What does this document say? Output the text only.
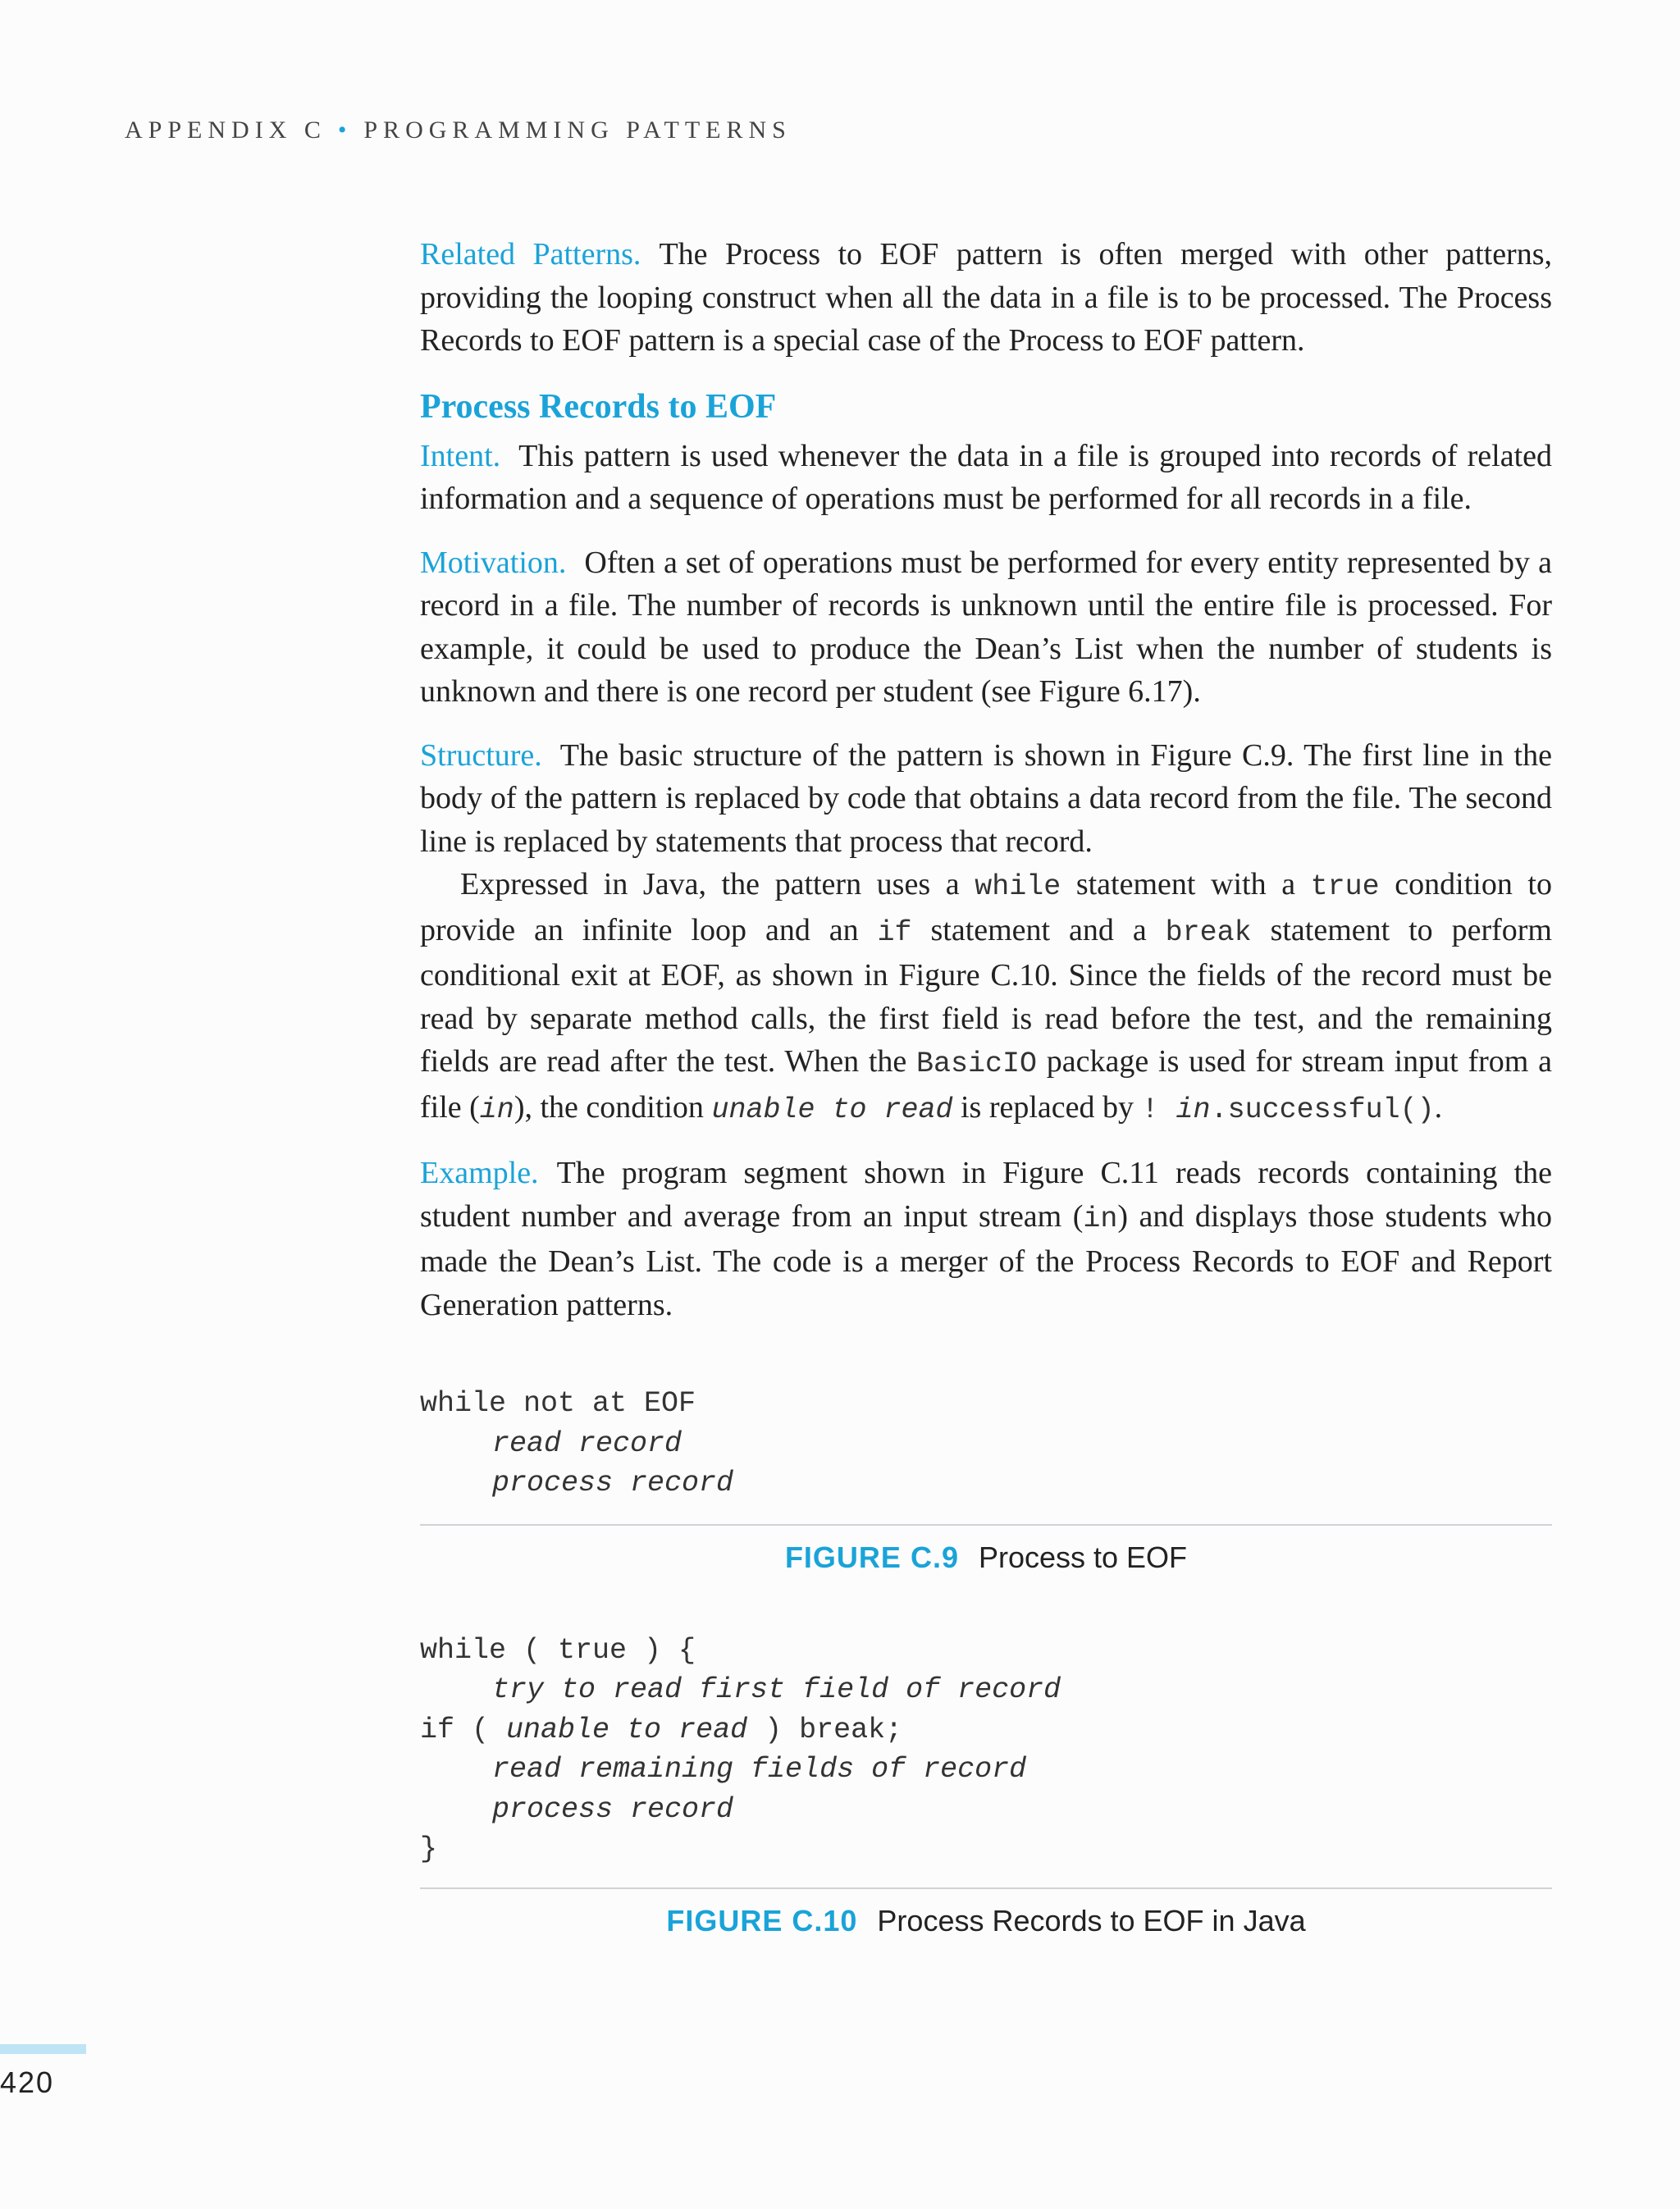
APPENDIX C • PROGRAMMING PATTERNS

Related Patterns. The Process to EOF pattern is often merged with other patterns, providing the looping construct when all the data in a file is to be processed. The Process Records to EOF pattern is a special case of the Process to EOF pattern.

Process Records to EOF

Intent. This pattern is used whenever the data in a file is grouped into records of related information and a sequence of operations must be performed for all records in a file.

Motivation. Often a set of operations must be performed for every entity represented by a record in a file. The number of records is unknown until the entire file is processed. For example, it could be used to produce the Dean’s List when the number of students is unknown and there is one record per student (see Figure 6.17).

Structure. The basic structure of the pattern is shown in Figure C.9. The first line in the body of the pattern is replaced by code that obtains a data record from the file. The second line is replaced by statements that process that record.

Expressed in Java, the pattern uses a while statement with a true condition to provide an infinite loop and an if statement and a break statement to perform conditional exit at EOF, as shown in Figure C.10. Since the fields of the record must be read by separate method calls, the first field is read before the test, and the remaining fields are read after the test. When the BasicIO package is used for stream input from a file (in), the condition unable to read is replaced by ! in.successful().

Example. The program segment shown in Figure C.11 reads records containing the student number and average from an input stream (in) and displays those students who made the Dean’s List. The code is a merger of the Process Records to EOF and Report Generation patterns.

while not at EOF
read record
process record
FIGURE C.9 Process to EOF
while ( true ) {
try to read first field of record
if ( unable to read ) break;
read remaining fields of record
process record
}
FIGURE C.10 Process Records to EOF in Java
420
